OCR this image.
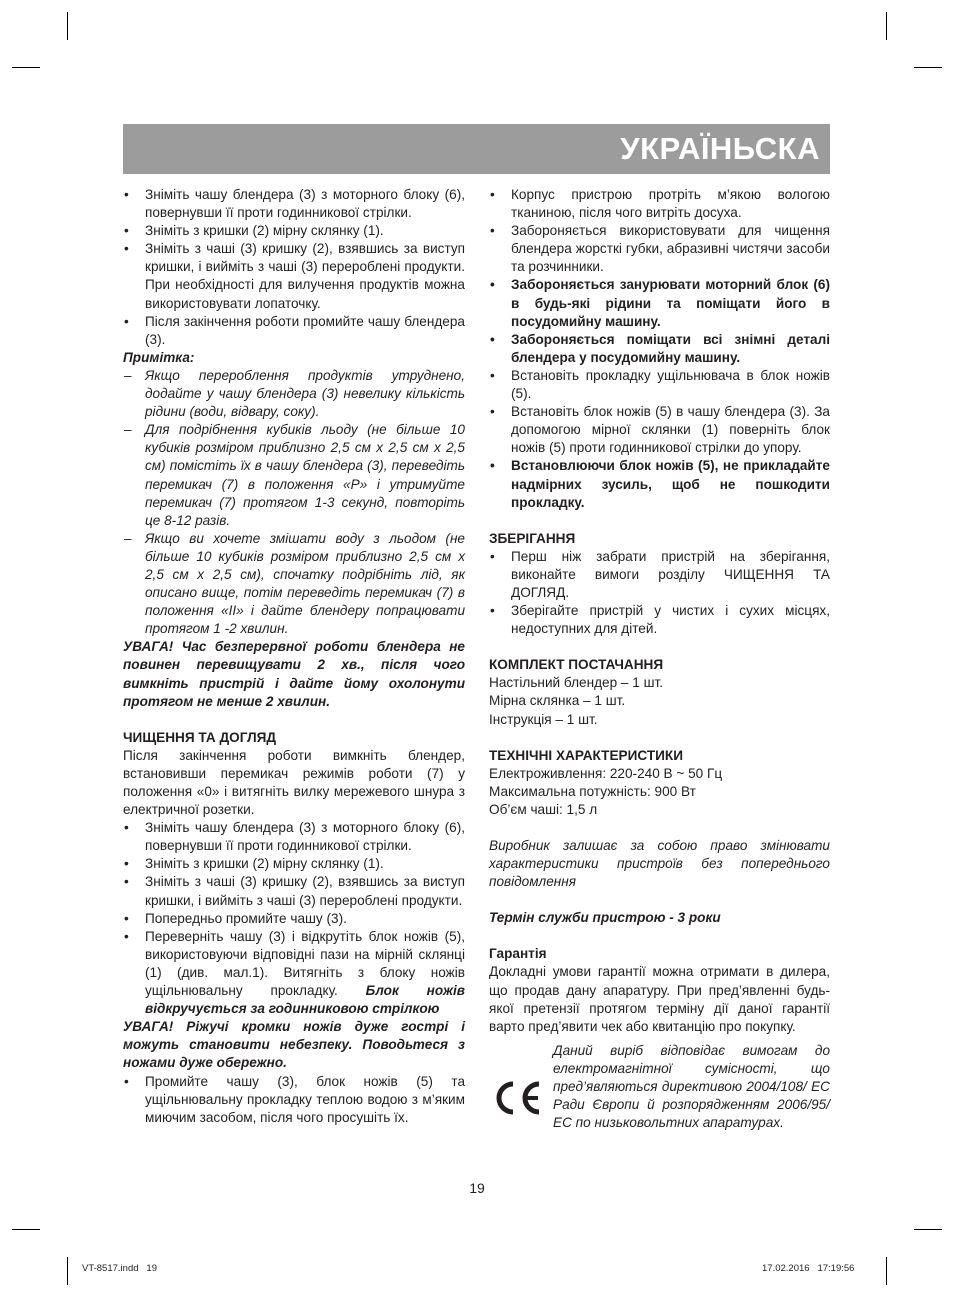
УКРАЇНЬСКА

• Зніміть чашу блендера (3) з моторного блоку (6), повернувши її проти годинникової стрілки.

• Зніміть з кришки (2) мірну склянку (1).

• Зніміть з чаші (3) кришку (2), взявшись за виступ кришки, і вийміть з чаші (3) перероблені продукти. При необхідності для вилучення продуктів можна використовувати лопаточку.

• Після закінчення роботи промийте чашу блендера (3).

Примітка:

– Якщо перероблення продуктів утруднено, додайте у чашу блендера (3) невелику кількість рідини (води, відвару, соку).

– Для подрібнення кубиків льоду (не більше 10 кубиків розміром приблизно 2,5 см х 2,5 см х 2,5 см) помістіть їх в чашу блендера (3), переведіть перемикач (7) в положення «P» і утримуйте перемикач (7) протягом 1-3 секунд, повторіть це 8-12 разів.

– Якщо ви хочете змішати воду з льодом (не більше 10 кубиків розміром приблизно 2,5 см х 2,5 см х 2,5 см), спочатку подрібніть лід, як описано вище, потім переведіть перемикач (7) в положення «II» і дайте блендеру попрацювати протягом 1 -2 хвилин.

УВАГА! Час безперервної роботи блендера не повинен перевищувати 2 хв., після чого вимкніть пристрій і дайте йому охолонути протягом не менше 2 хвилин.

ЧИЩЕННЯ ТА ДОГЛЯД

Після закінчення роботи вимкніть блендер, встановивши перемикач режимів роботи (7) у положення «0» і витягніть вилку мережевого шнура з електричної розетки.

• Зніміть чашу блендера (3) з моторного блоку (6), повернувши її проти годинникової стрілки.

• Зніміть з кришки (2) мірну склянку (1).

• Зніміть з чаші (3) кришку (2), взявшись за виступ кришки, і вийміть з чаші (3) перероблені продукти.

• Попередньо промийте чашу (3).

• Переверніть чашу (3) і відкрутіть блок ножів (5), використовуючи відповідні пази на мірній склянці (1) (див. мал.1). Витягніть з блоку ножів ущільнювальну прокладку. Блок ножів відкручується за годинниковою стрілкою

УВАГА! Ріжучі кромки ножів дуже гострі і можуть становити небезпеку. Поводьтеся з ножами дуже обережно.

• Промийте чашу (3), блок ножів (5) та ущільнювальну прокладку теплою водою з м’яким миючим засобом, після чого просушіть їх.

• Корпус пристрою протріть м’якою вологою тканиною, після чого витріть досуха.

• Забороняється використовувати для чищення блендера жорсткі губки, абразивні чистячи засоби та розчинники.

• Забороняється занурювати моторний блок (6) в будь-які рідини та поміщати його в посудомийну машину.

• Забороняється поміщати всі знімні деталі блендера у посудомийну машину.

• Встановіть прокладку ущільнювача в блок ножів (5).

• Встановіть блок ножів (5) в чашу блендера (3). За допомогою мірної склянки (1) поверніть блок ножів (5) проти годинникової стрілки до упору.

• Встановлюючи блок ножів (5), не прикладайте надмірних зусиль, щоб не пошкодити прокладку.

ЗБЕРІГАННЯ

• Перш ніж забрати пристрій на зберігання, виконайте вимоги розділу ЧИЩЕННЯ ТА ДОГЛЯД.

• Зберігайте пристрій у чистих і сухих місцях, недоступних для дітей.

КОМПЛЕКТ ПОСТАЧАННЯ

Настільний блендер – 1 шт.

Мірна склянка – 1 шт.

Інструкція – 1 шт.

ТЕХНІЧНІ ХАРАКТЕРИСТИКИ

Електроживлення: 220-240 В ~ 50 Гц

Максимальна потужність: 900 Вт

Об’єм чаші: 1,5 л

Виробник залишає за собою право змінювати характеристики пристроїв без попереднього повідомлення

Термін служби пристрою - 3 роки

Гарантія

Докладні умови гарантії можна отримати в дилера, що продав дану апаратуру. При пред’явленні будь-якої претензії протягом терміну дії даної гарантії варто пред’явити чек або квитанцію про покупку.

Даний виріб відповідає вимогам до електромагнітної сумісності, що пред’являються директивою 2004/108/ ЕС Ради Європи й розпорядженням 2006/95/ЕС по низьковольтних апаратурах.

19
VT-8517.indd   19	17.02.2016   17:19:56
